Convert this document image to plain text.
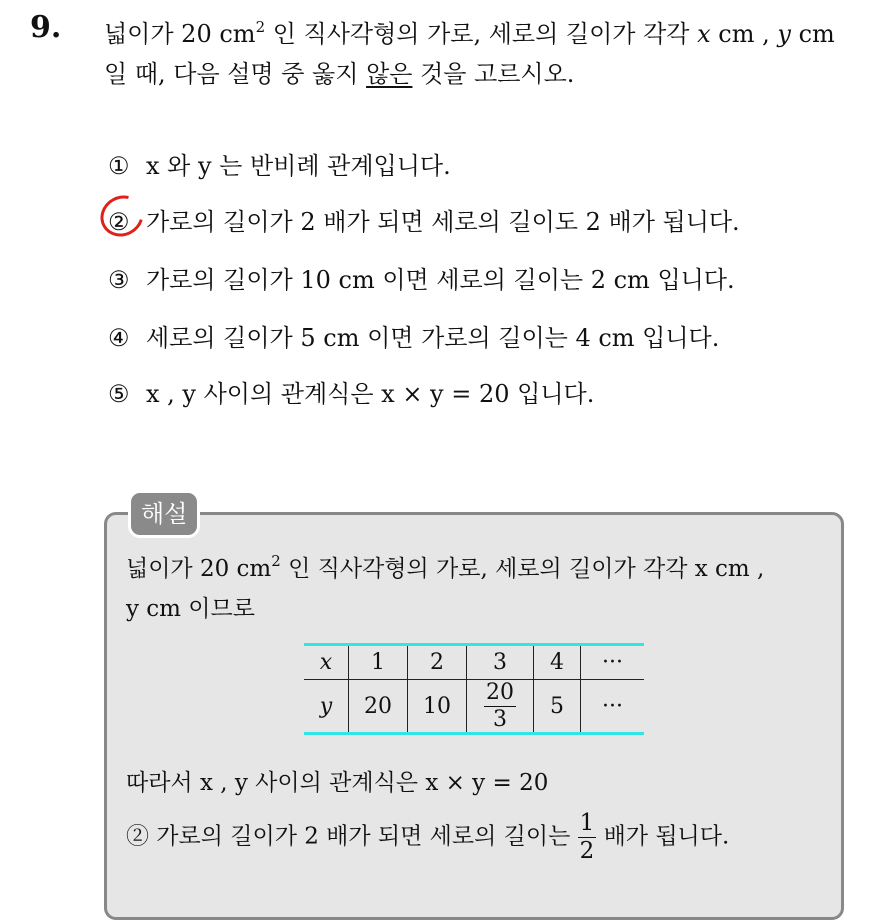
9. 넓이가 20 $cm^2$ 인 직사각형의 가로, 세로의 길이가 각각 x cm , y cm
일 때, 다음 설명 중 옳지 않은 것을 고르시오.
① x 와 y 는 반비례 관계입니다.
② 가로의 길이가 2 배가 되면 세로의 길이도 2 배가 됩니다.
③ 가로의 길이가 10 cm 이면 세로의 길이는 2 cm 입니다.
④ 세로의 길이가 5 cm 이면 가로의 길이는 4 cm 입니다.
⑤ x , y 사이의 관계식은 x × y = 20 입니다.
해설
넓이가 20 $cm^2$ 인 직사각형의 가로, 세로의 길이가 각각 x cm ,
y cm 이므로
x	1	2	3	4	···
y	20	10	$\frac{20}{3}$	5	···
따라서 x , y 사이의 관계식은 x × y = 20
② 가로의 길이가 2 배가 되면 세로의 길이는 $\frac{1}{2}$ 배가 됩니다.
